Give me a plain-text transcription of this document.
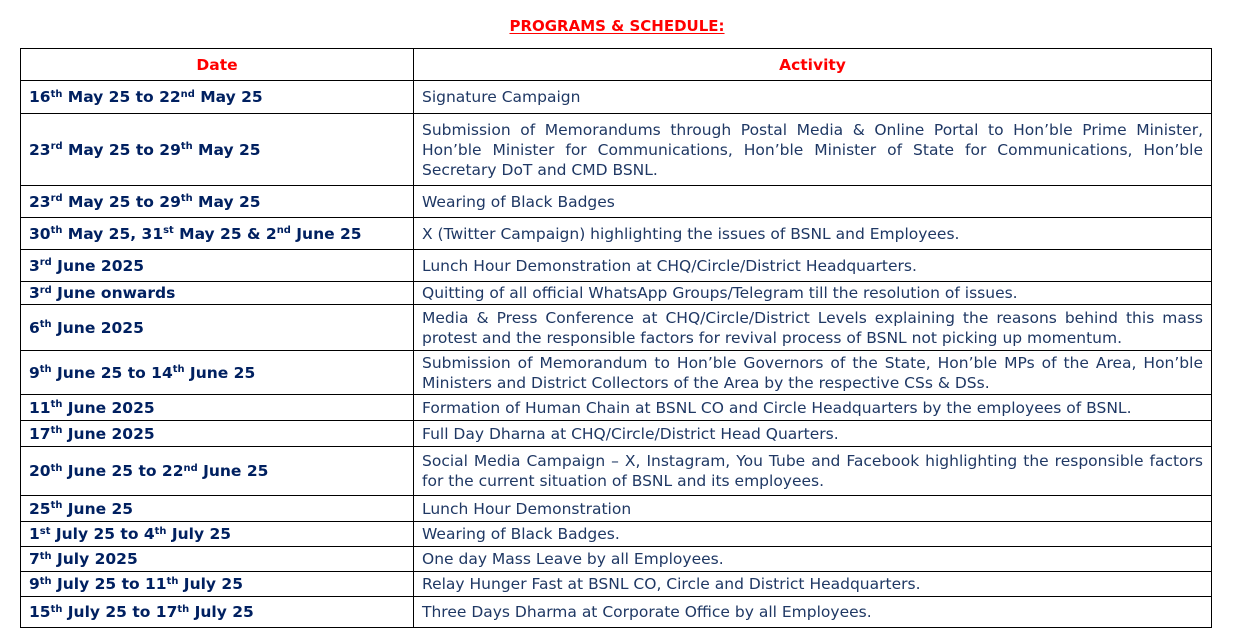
PROGRAMS & SCHEDULE:
Date	Activity
16th May 25 to 22nd May 25	Signature Campaign
23rd May 25 to 29th May 25	Submission of Memorandums through Postal Media & Online Portal to Hon’ble Prime Minister, Hon’ble Minister for Communications, Hon’ble Minister of State for Communications, Hon’ble Secretary DoT and CMD BSNL.
23rd May 25 to 29th May 25	Wearing of Black Badges
30th May 25, 31st May 25 & 2nd June 25	X (Twitter Campaign) highlighting the issues of BSNL and Employees.
3rd June 2025	Lunch Hour Demonstration at CHQ/Circle/District Headquarters.
3rd June onwards	Quitting of all official WhatsApp Groups/Telegram till the resolution of issues.
6th June 2025	Media & Press Conference at CHQ/Circle/District Levels explaining the reasons behind this mass protest and the responsible factors for revival process of BSNL not picking up momentum.
9th June 25 to 14th June 25	Submission of Memorandum to Hon’ble Governors of the State, Hon’ble MPs of the Area, Hon’ble Ministers and District Collectors of the Area by the respective CSs & DSs.
11th June 2025	Formation of Human Chain at BSNL CO and Circle Headquarters by the employees of BSNL.
17th June 2025	Full Day Dharna at CHQ/Circle/District Head Quarters.
20th June 25 to 22nd June 25	Social Media Campaign – X, Instagram, You Tube and Facebook highlighting the responsible factors for the current situation of BSNL and its employees.
25th June 25	Lunch Hour Demonstration
1st July 25 to 4th July 25	Wearing of Black Badges.
7th July 2025	One day Mass Leave by all Employees.
9th July 25 to 11th July 25	Relay Hunger Fast at BSNL CO, Circle and District Headquarters.
15th July 25 to 17th July 25	Three Days Dharma at Corporate Office by all Employees.
